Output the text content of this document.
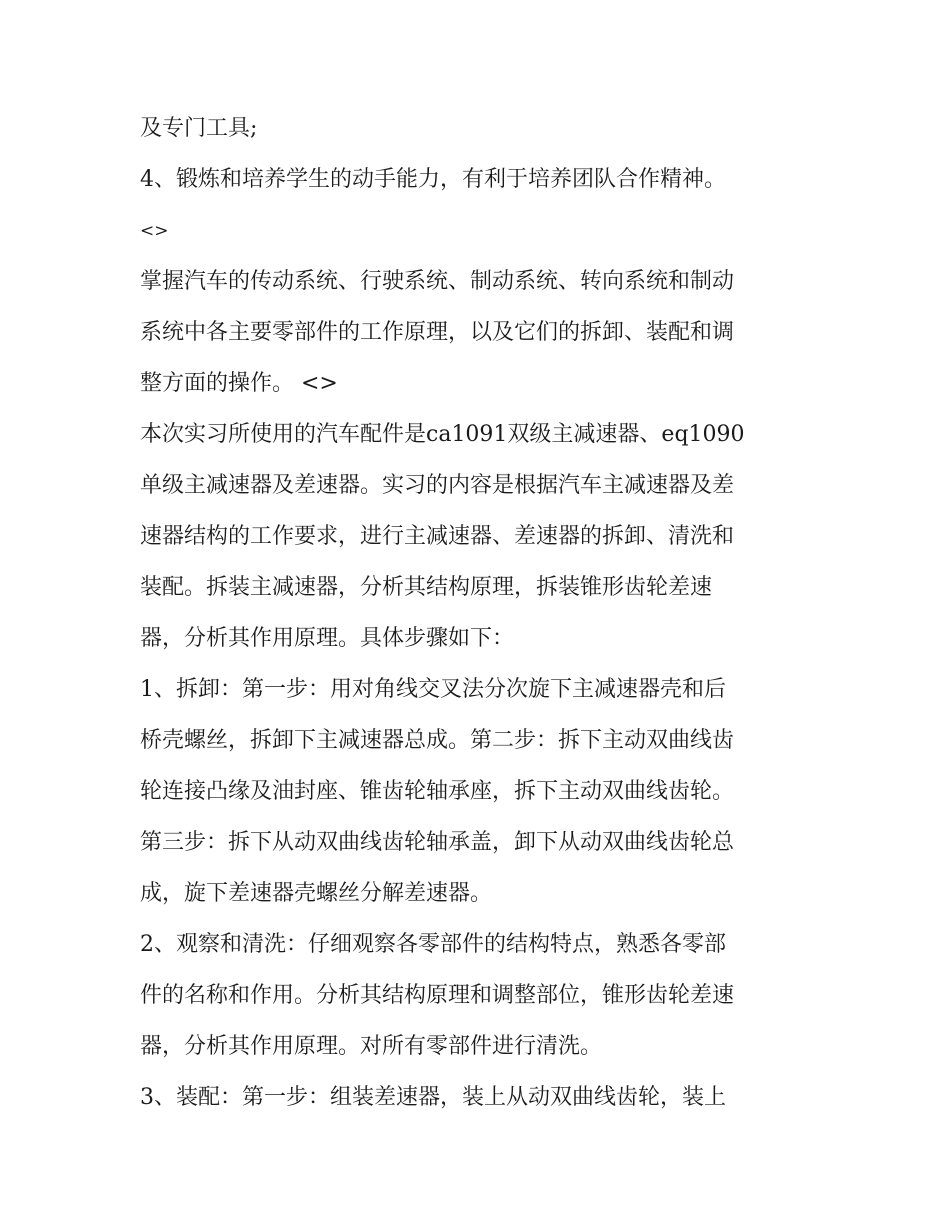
及专门工具;
4、锻炼和培养学生的动手能力，有利于培养团队合作精神。
<>
掌握汽车的传动系统、行驶系统、制动系统、转向系统和制动
系统中各主要零部件的工作原理，以及它们的拆卸、装配和调
整方面的操作。 <>
本次实习所使用的汽车配件是ca1091双级主减速器、eq1090
单级主减速器及差速器。实习的内容是根据汽车主减速器及差
速器结构的工作要求，进行主减速器、差速器的拆卸、清洗和
装配。拆装主减速器，分析其结构原理，拆装锥形齿轮差速
器，分析其作用原理。具体步骤如下：
1、拆卸：第一步：用对角线交叉法分次旋下主减速器壳和后
桥壳螺丝，拆卸下主减速器总成。第二步：拆下主动双曲线齿
轮连接凸缘及油封座、锥齿轮轴承座，拆下主动双曲线齿轮。
第三步：拆下从动双曲线齿轮轴承盖，卸下从动双曲线齿轮总
成，旋下差速器壳螺丝分解差速器。
2、观察和清洗：仔细观察各零部件的结构特点，熟悉各零部
件的名称和作用。分析其结构原理和调整部位，锥形齿轮差速
器，分析其作用原理。对所有零部件进行清洗。
3、装配：第一步：组装差速器，装上从动双曲线齿轮，装上
